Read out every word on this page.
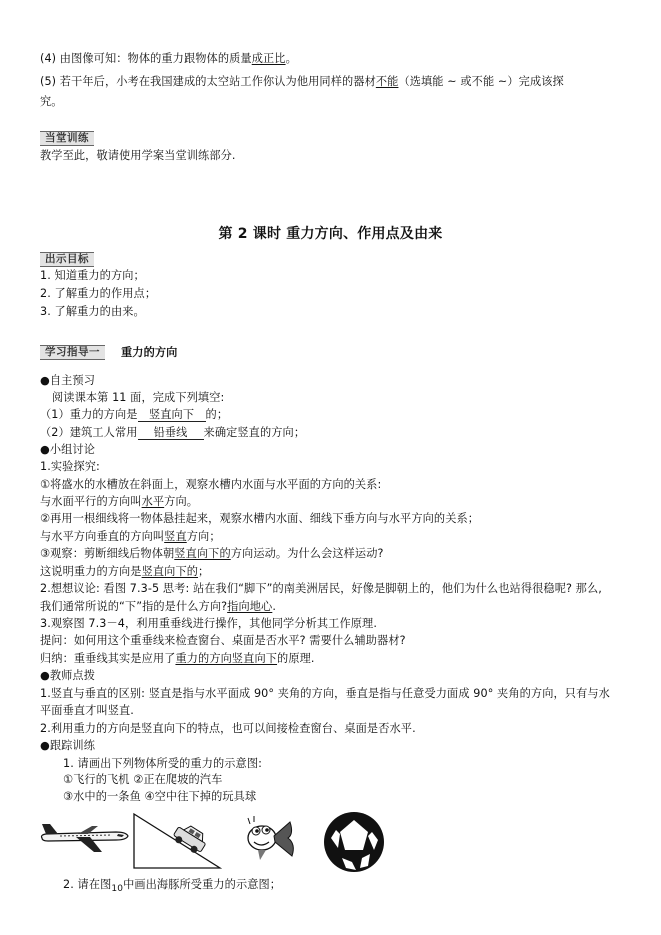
(4) 由图像可知：物体的重力跟物体的质量成正比。
(5) 若干年后，小考在我国建成的太空站工作你认为他用同样的器材不能（选填能 ~ 或不能 ~）完成该探
究。
当堂训练
教学至此，敬请使用学案当堂训练部分.
第 2 课时 重力方向、作用点及由来
出示目标
1. 知道重力的方向；
2. 了解重力的作用点；
3. 了解重力的由来。
学习指导一	重力的方向
●自主预习
阅读课本第 11 面，完成下列填空:
（1）重力的方向是 竖直向下 的；
（2）建筑工人常用 铅垂线 来确定竖直的方向；
●小组讨论
1.实验探究:
①将盛水的水槽放在斜面上，观察水槽内水面与水平面的方向的关系:
与水面平行的方向叫水平方向。
②再用一根细线将一物体悬挂起来，观察水槽内水面、细线下垂方向与水平方向的关系；
与水平方向垂直的方向叫竖直方向；
③观察：剪断细线后物体朝竖直向下的方向运动。为什么会这样运动?
这说明重力的方向是竖直向下的；
2.想想议论: 看图 7.3-5 思考: 站在我们“脚下”的南美洲居民，好像是脚朝上的，他们为什么也站得很稳呢? 那么,
我们通常所说的“下”指的是什么方向?指向地心.
3.观察图 7.3－4，利用重垂线进行操作，其他同学分析其工作原理.
提问：如何用这个重垂线来检查窗台、桌面是否水平? 需要什么辅助器材?
归纳：重垂线其实是应用了重力的方向竖直向下的原理.
●教师点拨
1.竖直与垂直的区别: 竖直是指与水平面成 90° 夹角的方向，垂直是指与任意受力面成 90° 夹角的方向，只有与水
平面垂直才叫竖直.
2.利用重力的方向是竖直向下的特点，也可以间接检查窗台、桌面是否水平.
●跟踪训练
1. 请画出下列物体所受的重力的示意图:
①飞行的飞机 ②正在爬坡的汽车
③水中的一条鱼 ④空中往下掉的玩具球
2. 请在图$_{10}$中画出海豚所受重力的示意图；
